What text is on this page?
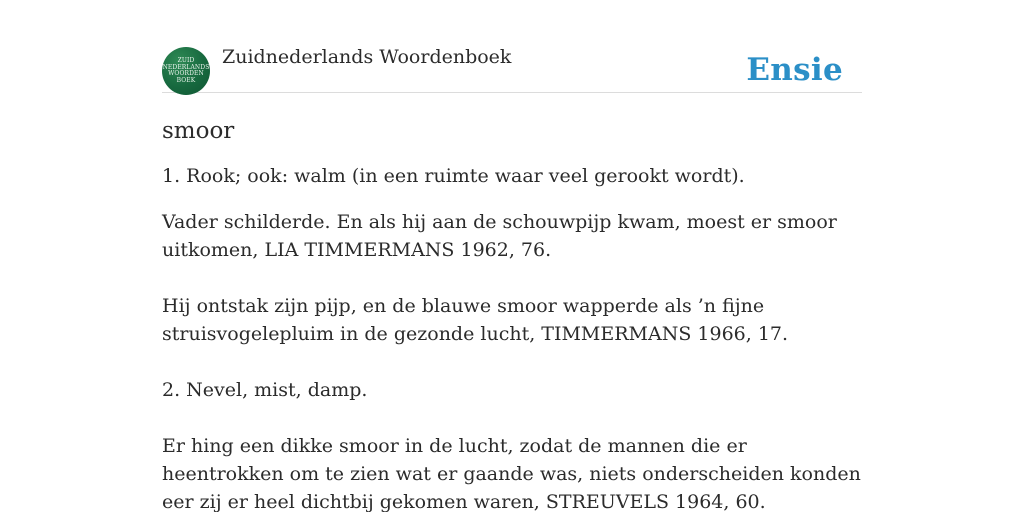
ZUID
NEDERLANDS
WOORDEN
BOEK
Zuidnederlands Woordenboek	Ensie
smoor

1. Rook; ook: walm (in een ruimte waar veel gerookt wordt).

Vader schilderde. En als hij aan de schouwpijp kwam, moest er smoor uitkomen, LIA TIMMERMANS 1962, 76.

Hij ontstak zijn pijp, en de blauwe smoor wapperde als ’n fijne struisvogelepluim in de gezonde lucht, TIMMERMANS 1966, 17.

2. Nevel, mist, damp.

Er hing een dikke smoor in de lucht, zodat de mannen die er heentrokken om te zien wat er gaande was, niets onderscheiden konden eer zij er heel dichtbij gekomen waren, STREUVELS 1964, 60.
